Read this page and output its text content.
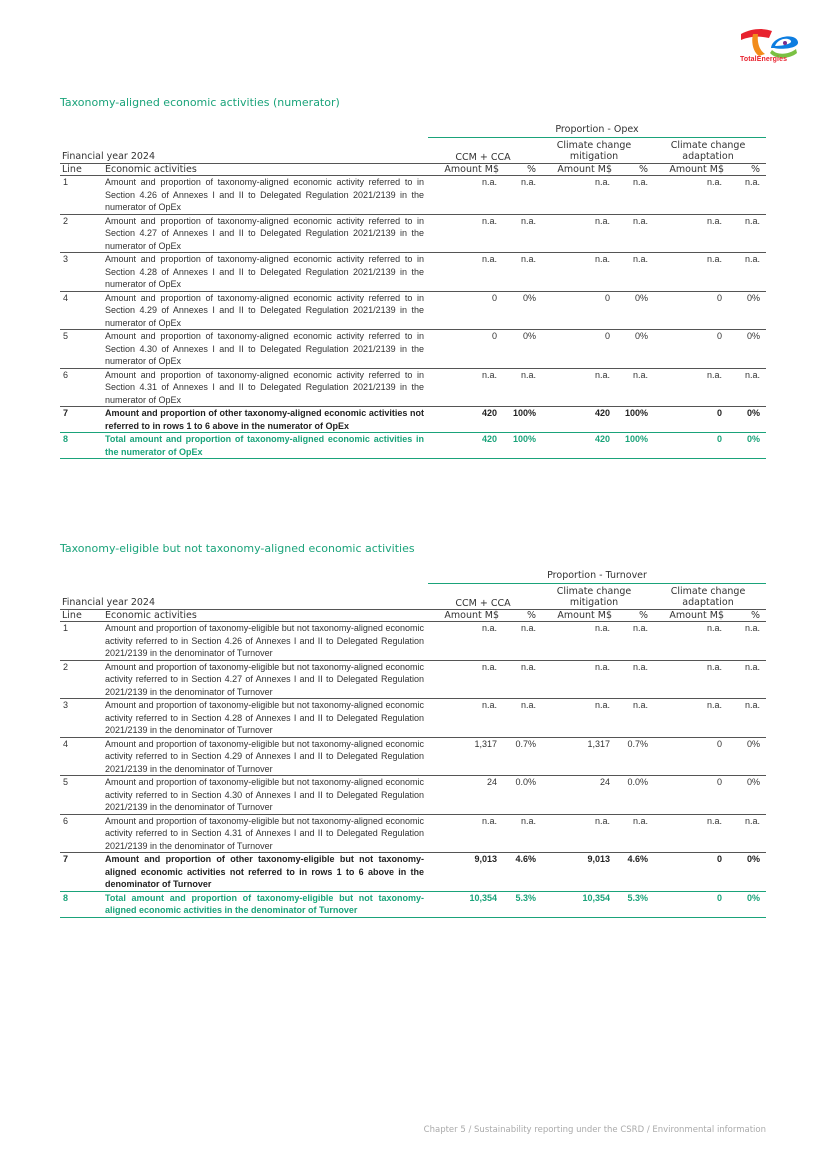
TotalEnergies
Taxonomy-aligned economic activities (numerator)
		Proportion - Opex					
Financial year 2024		CCM + CCA		Climate change mitigation		Climate change adaptation	
Line	Economic activities	Amount M$	%	Amount M$	%	Amount M$	%
1	Amount and proportion of taxonomy-aligned economic activity referred to in Section 4.26 of Annexes I and II to Delegated Regulation 2021/2139 in the numerator of OpEx	n.a.	n.a.	n.a.	n.a.	n.a.	n.a.
2	Amount and proportion of taxonomy-aligned economic activity referred to in Section 4.27 of Annexes I and II to Delegated Regulation 2021/2139 in the numerator of OpEx	n.a.	n.a.	n.a.	n.a.	n.a.	n.a.
3	Amount and proportion of taxonomy-aligned economic activity referred to in Section 4.28 of Annexes I and II to Delegated Regulation 2021/2139 in the numerator of OpEx	n.a.	n.a.	n.a.	n.a.	n.a.	n.a.
4	Amount and proportion of taxonomy-aligned economic activity referred to in Section 4.29 of Annexes I and II to Delegated Regulation 2021/2139 in the numerator of OpEx	0	0%	0	0%	0	0%
5	Amount and proportion of taxonomy-aligned economic activity referred to in Section 4.30 of Annexes I and II to Delegated Regulation 2021/2139 in the numerator of OpEx	0	0%	0	0%	0	0%
6	Amount and proportion of taxonomy-aligned economic activity referred to in Section 4.31 of Annexes I and II to Delegated Regulation 2021/2139 in the numerator of OpEx	n.a.	n.a.	n.a.	n.a.	n.a.	n.a.
7	Amount and proportion of other taxonomy-aligned economic activities not referred to in rows 1 to 6 above in the numerator of OpEx	420	100%	420	100%	0	0%
8	Total amount and proportion of taxonomy-aligned economic activities in the numerator of OpEx	420	100%	420	100%	0	0%
Taxonomy-eligible but not taxonomy-aligned economic activities
		Proportion - Turnover					
Financial year 2024		CCM + CCA		Climate change mitigation		Climate change adaptation	
Line	Economic activities	Amount M$	%	Amount M$	%	Amount M$	%
1	Amount and proportion of taxonomy-eligible but not taxonomy-aligned economic activity referred to in Section 4.26 of Annexes I and II to Delegated Regulation 2021/2139 in the denominator of Turnover	n.a.	n.a.	n.a.	n.a.	n.a.	n.a.
2	Amount and proportion of taxonomy-eligible but not taxonomy-aligned economic activity referred to in Section 4.27 of Annexes I and II to Delegated Regulation 2021/2139 in the denominator of Turnover	n.a.	n.a.	n.a.	n.a.	n.a.	n.a.
3	Amount and proportion of taxonomy-eligible but not taxonomy-aligned economic activity referred to in Section 4.28 of Annexes I and II to Delegated Regulation 2021/2139 in the denominator of Turnover	n.a.	n.a.	n.a.	n.a.	n.a.	n.a.
4	Amount and proportion of taxonomy-eligible but not taxonomy-aligned economic activity referred to in Section 4.29 of Annexes I and II to Delegated Regulation 2021/2139 in the denominator of Turnover	1,317	0.7%	1,317	0.7%	0	0%
5	Amount and proportion of taxonomy-eligible but not taxonomy-aligned economic activity referred to in Section 4.30 of Annexes I and II to Delegated Regulation 2021/2139 in the denominator of Turnover	24	0.0%	24	0.0%	0	0%
6	Amount and proportion of taxonomy-eligible but not taxonomy-aligned economic activity referred to in Section 4.31 of Annexes I and II to Delegated Regulation 2021/2139 in the denominator of Turnover	n.a.	n.a.	n.a.	n.a.	n.a.	n.a.
7	Amount and proportion of other taxonomy-eligible but not taxonomy-aligned economic activities not referred to in rows 1 to 6 above in the denominator of Turnover	9,013	4.6%	9,013	4.6%	0	0%
8	Total amount and proportion of taxonomy-eligible but not taxonomy-aligned economic activities in the denominator of Turnover	10,354	5.3%	10,354	5.3%	0	0%
Chapter 5 / Sustainability reporting under the CSRD / Environmental information
